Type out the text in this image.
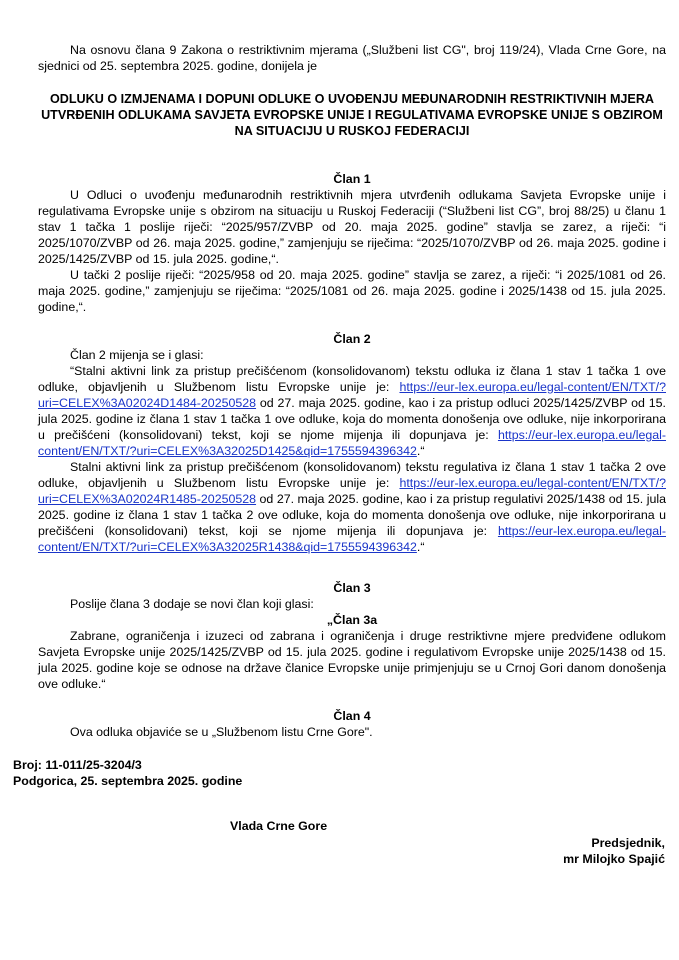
Na osnovu člana 9 Zakona o restriktivnim mjerama („Službeni list CG", broj 119/24), Vlada Crne Gore, na sjednici od 25. septembra 2025. godine, donijela je

ODLUKU O IZMJENAMA I DOPUNI ODLUKE O UVOĐENJU MEĐUNARODNIH RESTRIKTIVNIH MJERA UTVRĐENIH ODLUKAMA SAVJETA EVROPSKE UNIJE I REGULATIVAMA EVROPSKE UNIJE S OBZIROM NA SITUACIJU U RUSKOJ FEDERACIJI
Član 1

U Odluci o uvođenju međunarodnih restriktivnih mjera utvrđenih odlukama Savjeta Evropske unije i regulativama Evropske unije s obzirom na situaciju u Ruskoj Federaciji (“Službeni list CG”, broj 88/25) u članu 1 stav 1 tačka 1 poslije riječi: “2025/957/ZVBP od 20. maja 2025. godine” stavlja se zarez, a riječi: “i 2025/1070/ZVBP od 26. maja 2025. godine,” zamjenjuju se riječima: “2025/1070/ZVBP od 26. maja 2025. godine i 2025/1425/ZVBP od 15. jula 2025. godine,“.

U tački 2 poslije riječi: “2025/958 od 20. maja 2025. godine” stavlja se zarez, a riječi: “i 2025/1081 od 26. maja 2025. godine,” zamjenjuju se riječima: “2025/1081 od 26. maja 2025. godine i 2025/1438 od 15. jula 2025. godine,“.

Član 2

Član 2 mijenja se i glasi:

“Stalni aktivni link za pristup prečišćenom (konsolidovanom) tekstu odluka iz člana 1 stav 1 tačka 1 ove odluke, objavljenih u Službenom listu Evropske unije je: https://eur-lex.europa.eu/legal-content/EN/TXT/?uri=CELEX%3A02024D1484-20250528 od 27. maja 2025. godine, kao i za pristup odluci 2025/1425/ZVBP od 15. jula 2025. godine iz člana 1 stav 1 tačka 1 ove odluke, koja do momenta donošenja ove odluke, nije inkorporirana u prečišćeni (konsolidovani) tekst, koji se njome mijenja ili dopunjava je: https://eur-lex.europa.eu/legal-content/EN/TXT/?uri=CELEX%3A32025D1425&qid=1755594396342.“

Stalni aktivni link za pristup prečišćenom (konsolidovanom) tekstu regulativa iz člana 1 stav 1 tačka 2 ove odluke, objavljenih u Službenom listu Evropske unije je: https://eur-lex.europa.eu/legal-content/EN/TXT/?uri=CELEX%3A02024R1485-20250528 od 27. maja 2025. godine, kao i za pristup regulativi 2025/1438 od 15. jula 2025. godine iz člana 1 stav 1 tačka 2 ove odluke, koja do momenta donošenja ove odluke, nije inkorporirana u prečišćeni (konsolidovani) tekst, koji se njome mijenja ili dopunjava je: https://eur-lex.europa.eu/legal-content/EN/TXT/?uri=CELEX%3A32025R1438&qid=1755594396342.“

Član 3

Poslije člana 3 dodaje se novi član koji glasi:

„Član 3a

Zabrane, ograničenja i izuzeci od zabrana i ograničenja i druge restriktivne mjere predviđene odlukom Savjeta Evropske unije 2025/1425/ZVBP od 15. jula 2025. godine i regulativom Evropske unije 2025/1438 od 15. jula 2025. godine koje se odnose na države članice Evropske unije primjenjuju se u Crnoj Gori danom donošenja ove odluke.“

Član 4

Ova odluka objaviće se u „Službenom listu Crne Gore".

Broj: 11-011/25-3204/3
Podgorica, 25. septembra 2025. godine
Vlada Crne Gore
Predsjednik,
mr Milojko Spajić
